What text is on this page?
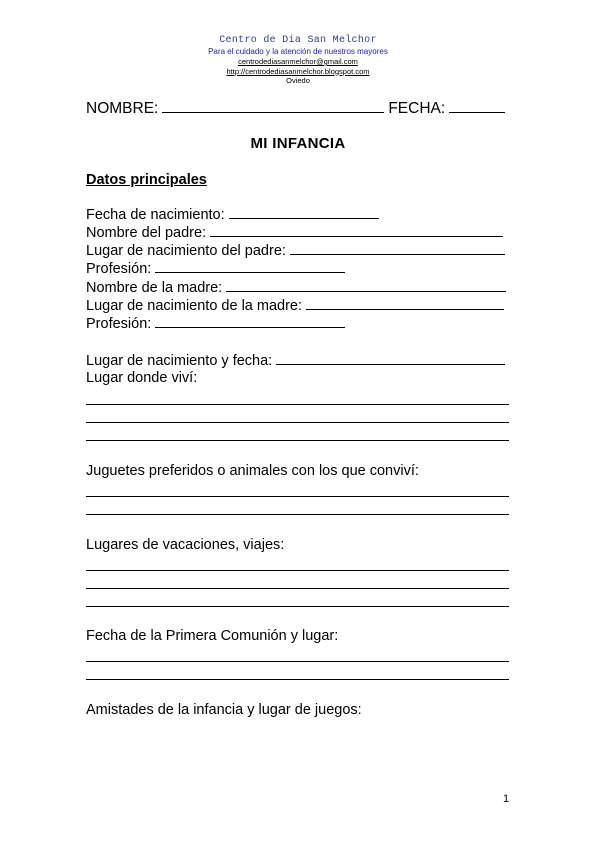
Centro de Dia San Melchor
Para el cuidado y la atención de nuestros mayores
centrodediasanmelchor@gmail.com
http://centrodediasanmelchor.blogspot.com
Oviedo
NOMBRE:	FECHA:
MI INFANCIA
Datos principales
Fecha de nacimiento:
Nombre del padre:
Lugar de nacimiento del padre:
Profesión:
Nombre de la madre:
Lugar de nacimiento de la madre:
Profesión:
Lugar de nacimiento y fecha:
Lugar donde viví:
Juguetes preferidos o animales con los que conviví:
Lugares de vacaciones, viajes:
Fecha de la Primera Comunión y lugar:
Amistades de la infancia y lugar de juegos:
1
